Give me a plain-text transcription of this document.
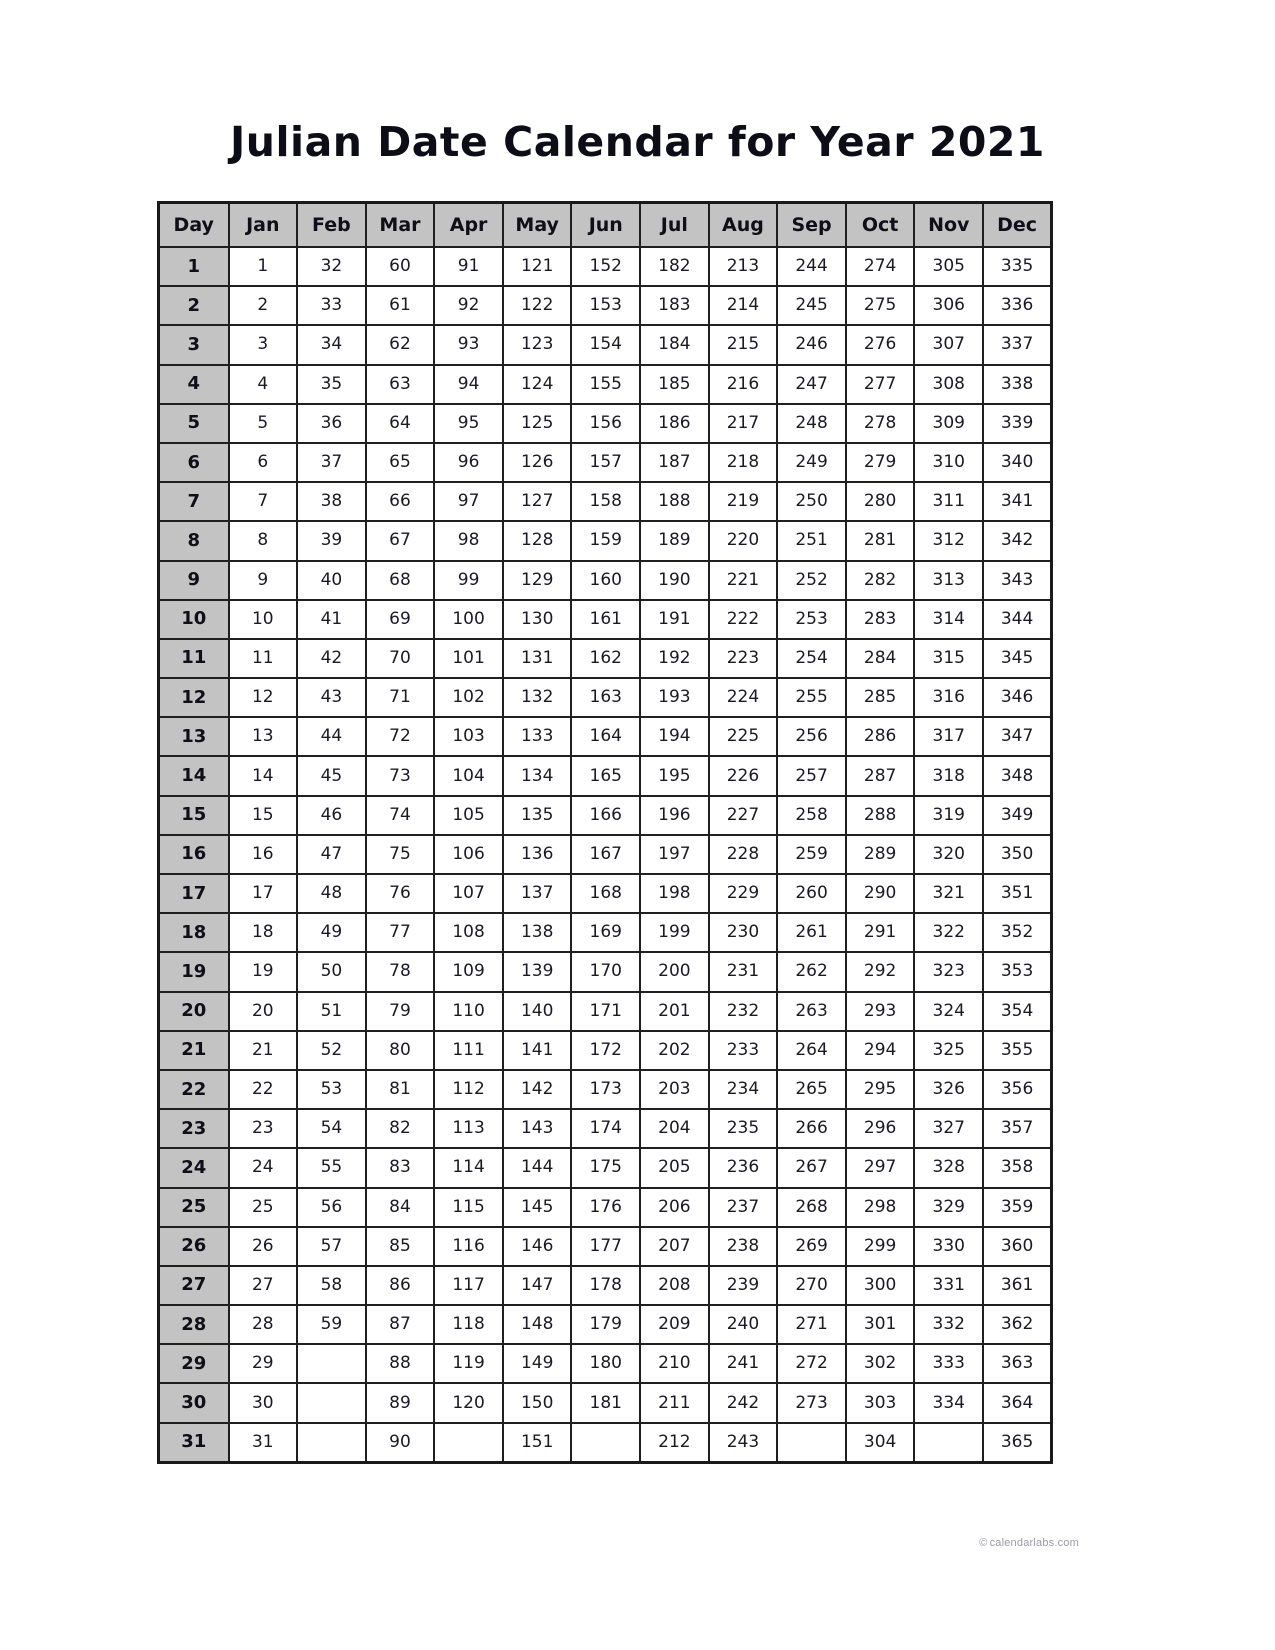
Julian Date Calendar for Year 2021
Day	Jan	Feb	Mar	Apr	May	Jun	Jul	Aug	Sep	Oct	Nov	Dec
1	1	32	60	91	121	152	182	213	244	274	305	335
2	2	33	61	92	122	153	183	214	245	275	306	336
3	3	34	62	93	123	154	184	215	246	276	307	337
4	4	35	63	94	124	155	185	216	247	277	308	338
5	5	36	64	95	125	156	186	217	248	278	309	339
6	6	37	65	96	126	157	187	218	249	279	310	340
7	7	38	66	97	127	158	188	219	250	280	311	341
8	8	39	67	98	128	159	189	220	251	281	312	342
9	9	40	68	99	129	160	190	221	252	282	313	343
10	10	41	69	100	130	161	191	222	253	283	314	344
11	11	42	70	101	131	162	192	223	254	284	315	345
12	12	43	71	102	132	163	193	224	255	285	316	346
13	13	44	72	103	133	164	194	225	256	286	317	347
14	14	45	73	104	134	165	195	226	257	287	318	348
15	15	46	74	105	135	166	196	227	258	288	319	349
16	16	47	75	106	136	167	197	228	259	289	320	350
17	17	48	76	107	137	168	198	229	260	290	321	351
18	18	49	77	108	138	169	199	230	261	291	322	352
19	19	50	78	109	139	170	200	231	262	292	323	353
20	20	51	79	110	140	171	201	232	263	293	324	354
21	21	52	80	111	141	172	202	233	264	294	325	355
22	22	53	81	112	142	173	203	234	265	295	326	356
23	23	54	82	113	143	174	204	235	266	296	327	357
24	24	55	83	114	144	175	205	236	267	297	328	358
25	25	56	84	115	145	176	206	237	268	298	329	359
26	26	57	85	116	146	177	207	238	269	299	330	360
27	27	58	86	117	147	178	208	239	270	300	331	361
28	28	59	87	118	148	179	209	240	271	301	332	362
29	29		88	119	149	180	210	241	272	302	333	363
30	30		89	120	150	181	211	242	273	303	334	364
31	31		90		151		212	243		304		365
© calendarlabs.com
